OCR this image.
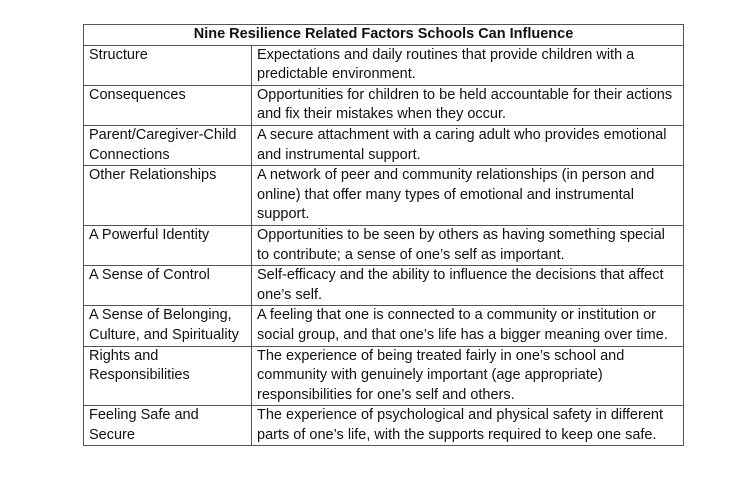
Nine Resilience Related Factors Schools Can Influence	
Structure	Expectations and daily routines that provide children with a predictable environment.
Consequences	Opportunities for children to be held accountable for their actions and fix their mistakes when they occur.
Parent/Caregiver-Child Connections	A secure attachment with a caring adult who provides emotional and instrumental support.
Other Relationships	A network of peer and community relationships (in person and online) that offer many types of emotional and instrumental support.
A Powerful Identity	Opportunities to be seen by others as having something special to contribute; a sense of one’s self as important.
A Sense of Control	Self-efficacy and the ability to influence the decisions that affect one’s self.
A Sense of Belonging, Culture, and Spirituality	A feeling that one is connected to a community or institution or social group, and that one’s life has a bigger meaning over time.
Rights and Responsibilities	The experience of being treated fairly in one’s school and community with genuinely important (age appropriate) responsibilities for one’s self and others.
Feeling Safe and Secure	The experience of psychological and physical safety in different parts of one’s life, with the supports required to keep one safe.
